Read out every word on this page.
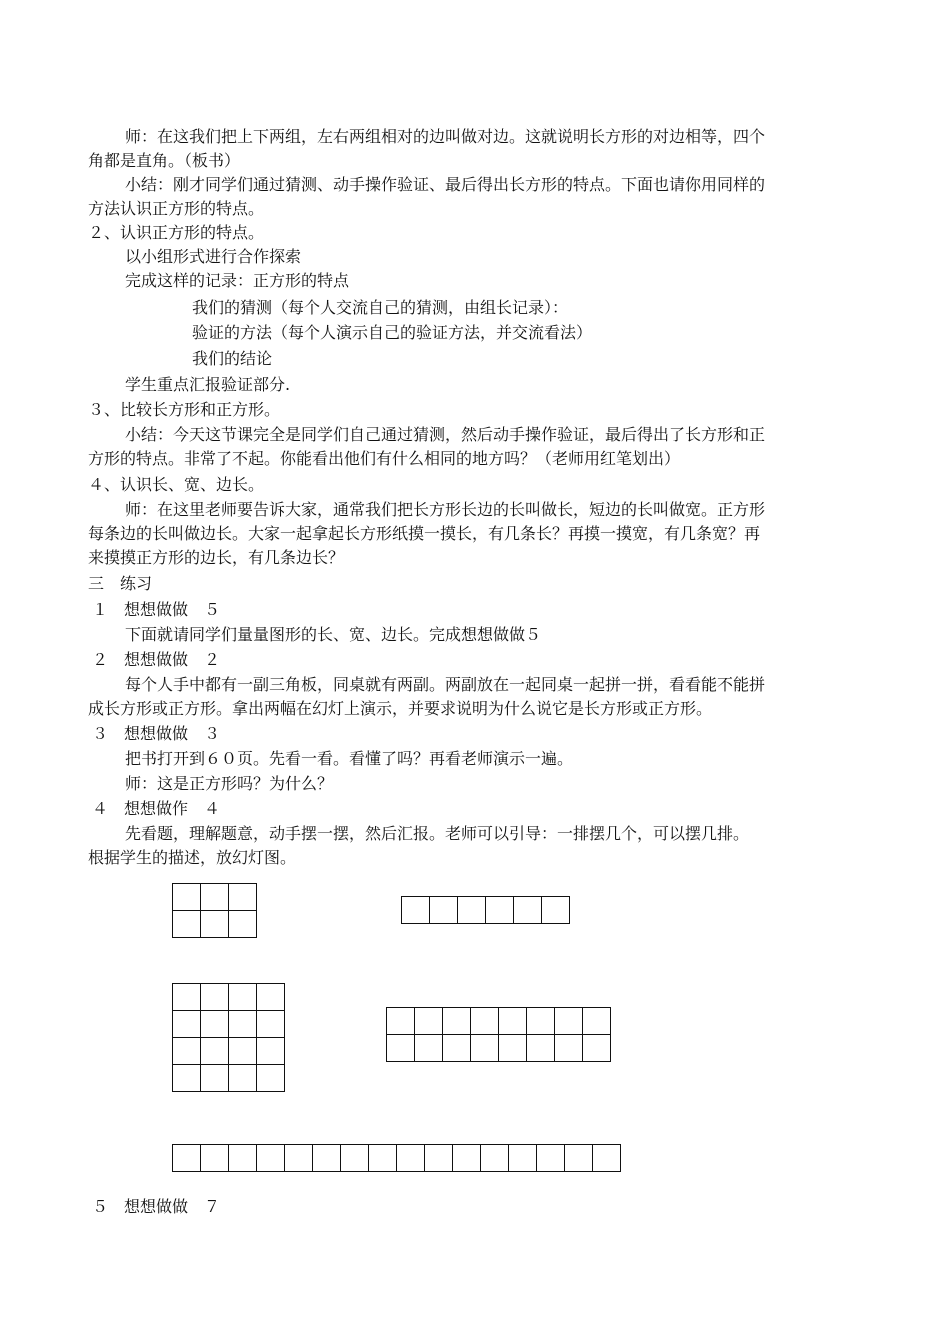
师：在这我们把上下两组，左右两组相对的边叫做对边。这就说明长方形的对边相等，四个
角都是直角。（板书）
小结：刚才同学们通过猜测、动手操作验证、最后得出长方形的特点。下面也请你用同样的
方法认识正方形的特点。
２、认识正方形的特点。
以小组形式进行合作探索
完成这样的记录：正方形的特点
我们的猜测（每个人交流自己的猜测，由组长记录）：
验证的方法（每个人演示自己的验证方法，并交流看法）
我们的结论
学生重点汇报验证部分.
３、比较长方形和正方形。
小结：今天这节课完全是同学们自己通过猜测，然后动手操作验证，最后得出了长方形和正
方形的特点。非常了不起。你能看出他们有什么相同的地方吗？（老师用红笔划出）
４、认识长、宽、边长。
师：在这里老师要告诉大家，通常我们把长方形长边的长叫做长，短边的长叫做宽。正方形
每条边的长叫做边长。大家一起拿起长方形纸摸一摸长，有几条长？再摸一摸宽，有几条宽？再
来摸摸正方形的边长，有几条边长？
三　练习
１　想想做做　５
下面就请同学们量量图形的长、宽、边长。完成想想做做５
２　想想做做　２
每个人手中都有一副三角板，同桌就有两副。两副放在一起同桌一起拼一拼，看看能不能拼
成长方形或正方形。拿出两幅在幻灯上演示，并要求说明为什么说它是长方形或正方形。
３　想想做做　３
把书打开到６０页。先看一看。看懂了吗？再看老师演示一遍。
师：这是正方形吗？为什么？
４　想想做作　４
先看题，理解题意，动手摆一摆，然后汇报。老师可以引导：一排摆几个，可以摆几排。
根据学生的描述，放幻灯图。

５　想想做做　７
